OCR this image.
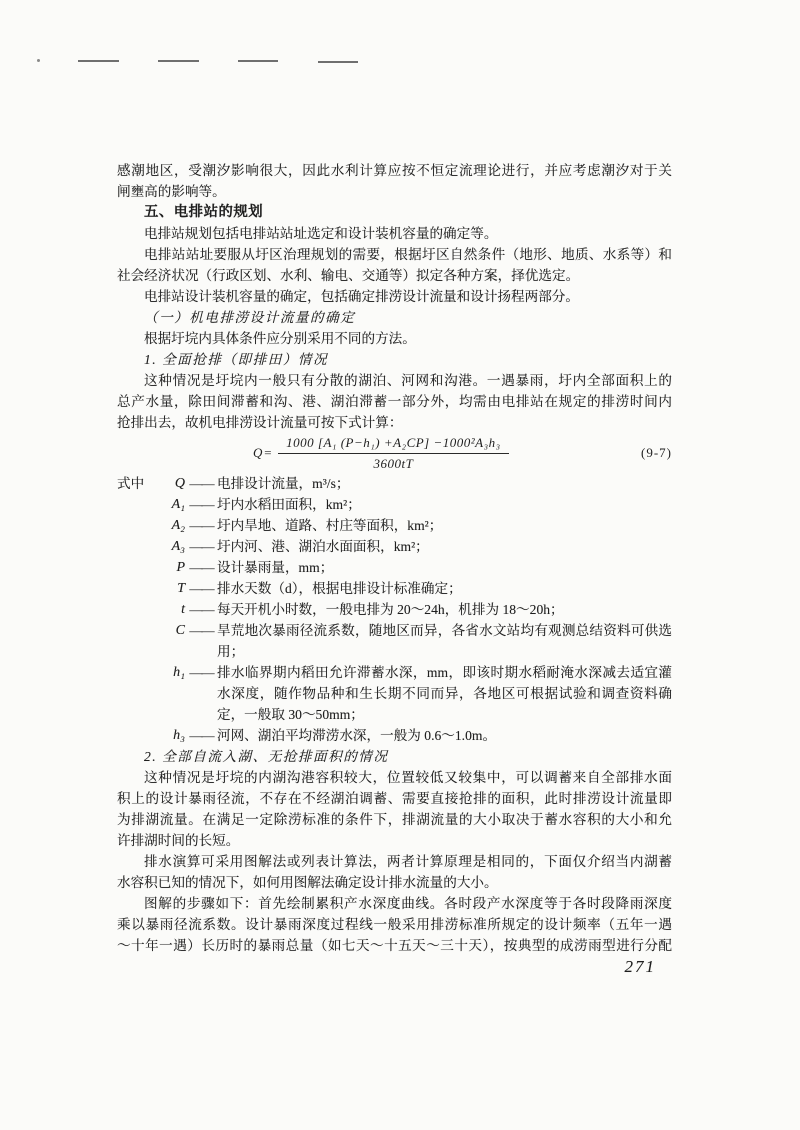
感潮地区，受潮汐影响很大，因此水利计算应按不恒定流理论进行，并应考虑潮汐对于关
闸壅高的影响等。
五、电排站的规划
电排站规划包括电排站站址选定和设计装机容量的确定等。
电排站站址要服从圩区治理规划的需要，根据圩区自然条件（地形、地质、水系等）和
社会经济状况（行政区划、水利、输电、交通等）拟定各种方案，择优选定。
电排站设计装机容量的确定，包括确定排涝设计流量和设计扬程两部分。
（一）机电排涝设计流量的确定
根据圩垸内具体条件应分别采用不同的方法。
1. 全面抢排（即排田）情况
这种情况是圩垸内一般只有分散的湖泊、河网和沟港。一遇暴雨，圩内全部面积上的
总产水量，除田间滞蓄和沟、港、湖泊滞蓄一部分外，均需由电排站在规定的排涝时间内
抢排出去，故机电排涝设计流量可按下式计算：
$Q= \frac{\text{1000 [A₁ (P−h₁) +A₂CP] −1000²A₃h₃}}{3600tT}$	(9-7)
式中	Q —— 电排设计流量，m³/s；
A₁ —— 圩内水稻田面积，km²；
A₂ —— 圩内旱地、道路、村庄等面积，km²；
A₃ —— 圩内河、港、湖泊水面面积，km²；
P —— 设计暴雨量，mm；
T —— 排水天数（d），根据电排设计标准确定；
t —— 每天开机小时数，一般电排为 20～24h，机排为 18～20h；
C —— 旱荒地次暴雨径流系数，随地区而异，各省水文站均有观测总结资料可供选用；
h₁ —— 排水临界期内稻田允许滞蓄水深，mm，即该时期水稻耐淹水深减去适宜灌水深度，随作物品种和生长期不同而异，各地区可根据试验和调查资料确定，一般取 30～50mm；
h₃ —— 河网、湖泊平均滞涝水深，一般为 0.6～1.0m。
2. 全部自流入湖、无抢排面积的情况
这种情况是圩垸的内湖沟港容积较大，位置较低又较集中，可以调蓄来自全部排水面
积上的设计暴雨径流，不存在不经湖泊调蓄、需要直接抢排的面积，此时排涝设计流量即
为排湖流量。在满足一定除涝标准的条件下，排湖流量的大小取决于蓄水容积的大小和允
许排湖时间的长短。
排水演算可采用图解法或列表计算法，两者计算原理是相同的，下面仅介绍当内湖蓄
水容积已知的情况下，如何用图解法确定设计排水流量的大小。
图解的步骤如下：首先绘制累积产水深度曲线。各时段产水深度等于各时段降雨深度
乘以暴雨径流系数。设计暴雨深度过程线一般采用排涝标准所规定的设计频率（五年一遇
～十年一遇）长历时的暴雨总量（如七天～十五天～三十天），按典型的成涝雨型进行分配
271
